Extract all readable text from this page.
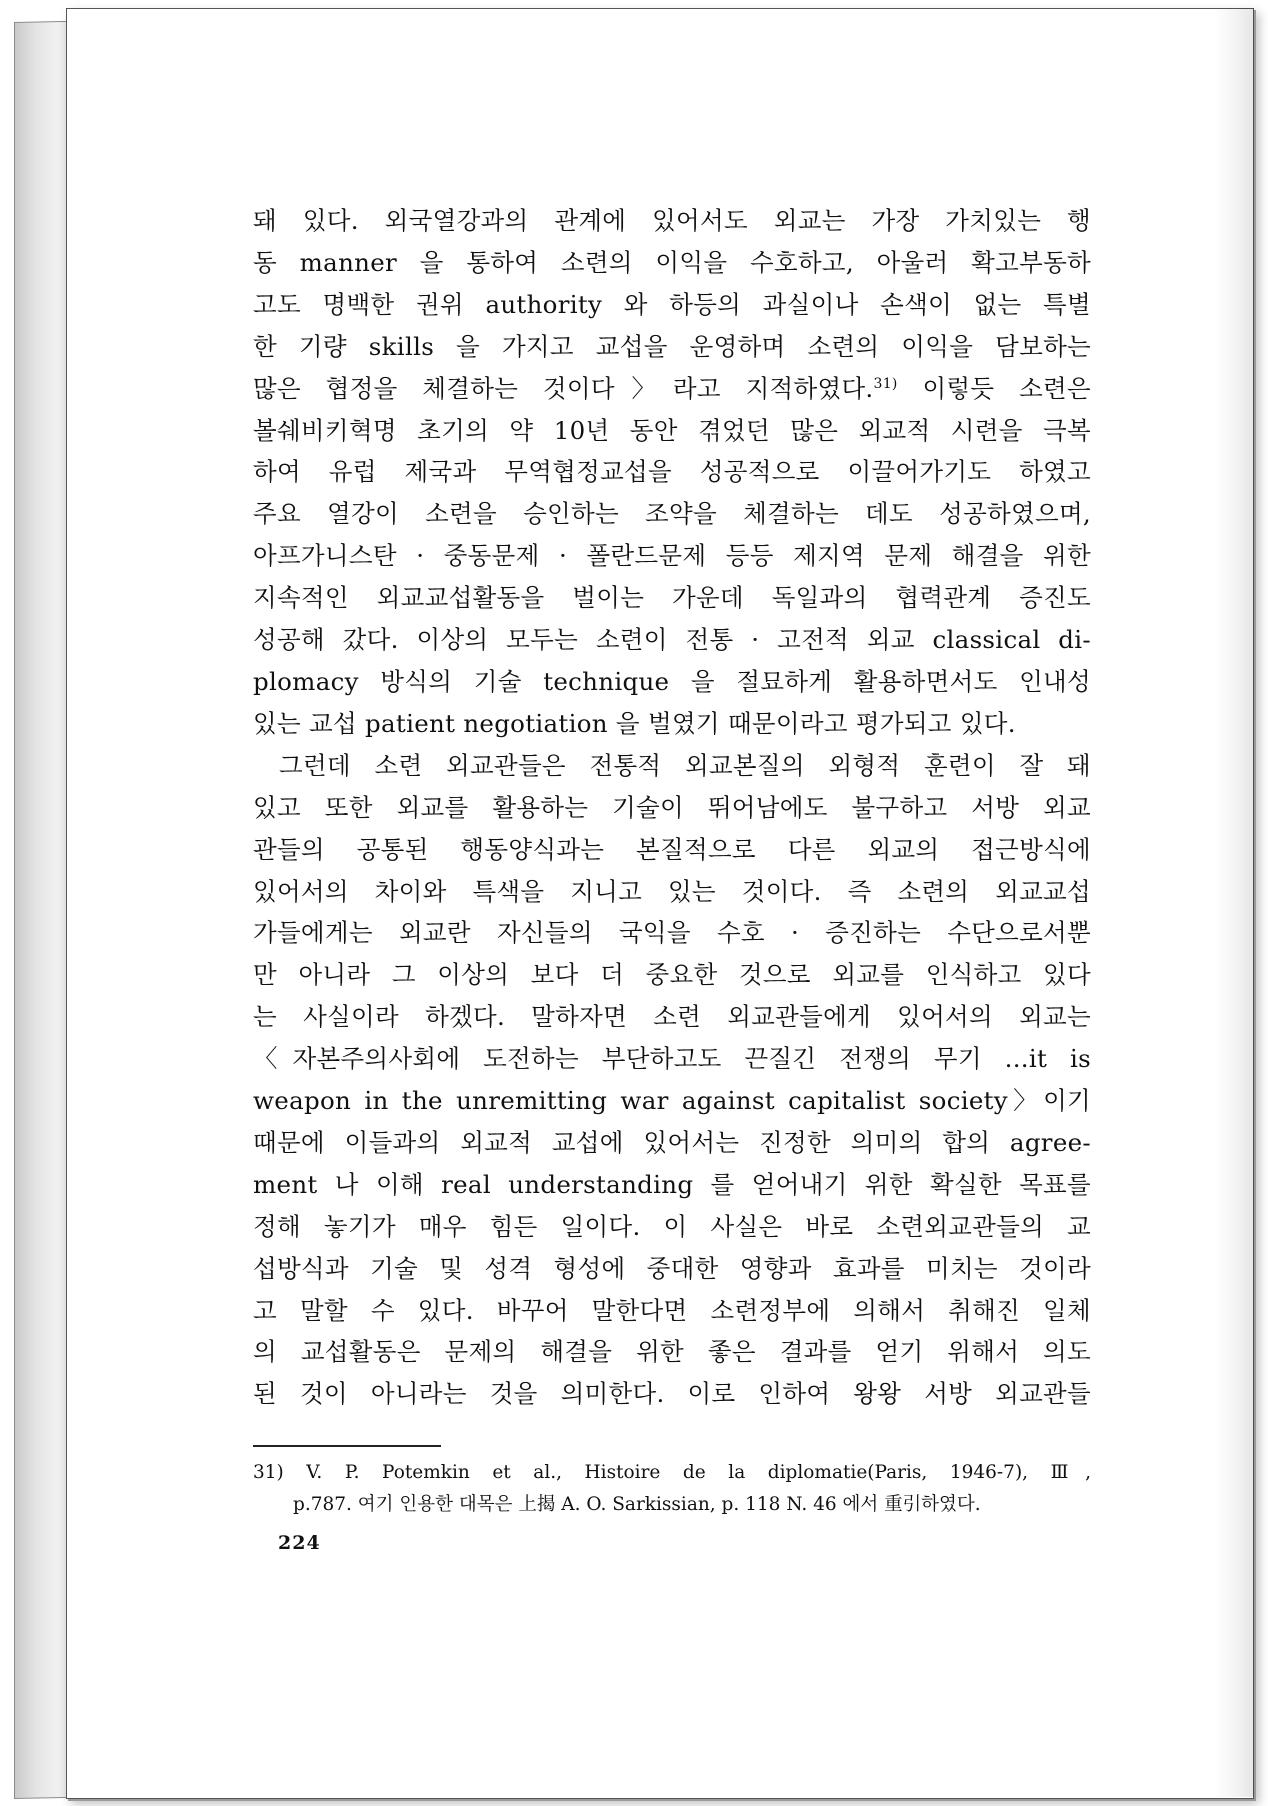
돼 있다. 외국열강과의 관계에 있어서도 외교는 가장 가치있는 행
동 manner 을 통하여 소련의 이익을 수호하고, 아울러 확고부동하
고도 명백한 권위 authority 와 하등의 과실이나 손색이 없는 특별
한 기량 skills 을 가지고 교섭을 운영하며 소련의 이익을 담보하는
많은 협정을 체결하는 것이다〉라고 지적하였다.$^{31)}$ 이렇듯 소련은
볼쉐비키혁명 초기의 약 10년 동안 겪었던 많은 외교적 시련을 극복
하여 유럽 제국과 무역협정교섭을 성공적으로 이끌어가기도 하였고
주요 열강이 소련을 승인하는 조약을 체결하는 데도 성공하였으며,
아프가니스탄 · 중동문제 · 폴란드문제 등등 제지역 문제 해결을 위한
지속적인 외교교섭활동을 벌이는 가운데 독일과의 협력관계 증진도
성공해 갔다. 이상의 모두는 소련이 전통 · 고전적 외교 classical di-
plomacy 방식의 기술 technique 을 절묘하게 활용하면서도 인내성
있는 교섭 patient negotiation 을 벌였기 때문이라고 평가되고 있다.
그런데 소련 외교관들은 전통적 외교본질의 외형적 훈련이 잘 돼
있고 또한 외교를 활용하는 기술이 뛰어남에도 불구하고 서방 외교
관들의 공통된 행동양식과는 본질적으로 다른 외교의 접근방식에
있어서의 차이와 특색을 지니고 있는 것이다. 즉 소련의 외교교섭
가들에게는 외교란 자신들의 국익을 수호 · 증진하는 수단으로서뿐
만 아니라 그 이상의 보다 더 중요한 것으로 외교를 인식하고 있다
는 사실이라 하겠다. 말하자면 소련 외교관들에게 있어서의 외교는
〈자본주의사회에 도전하는 부단하고도 끈질긴 전쟁의 무기 ...it is
weapon in the unremitting war against capitalist society〉이기
때문에 이들과의 외교적 교섭에 있어서는 진정한 의미의 합의 agree-
ment 나 이해 real understanding 를 얻어내기 위한 확실한 목표를
정해 놓기가 매우 힘든 일이다. 이 사실은 바로 소련외교관들의 교
섭방식과 기술 및 성격 형성에 중대한 영향과 효과를 미치는 것이라
고 말할 수 있다. 바꾸어 말한다면 소련정부에 의해서 취해진 일체
의 교섭활동은 문제의 해결을 위한 좋은 결과를 얻기 위해서 의도
된 것이 아니라는 것을 의미한다. 이로 인하여 왕왕 서방 외교관들
31) V. P. Potemkin et al., Histoire de la diplomatie(Paris, 1946-7), Ⅲ,
p.787. 여기 인용한 대목은 上揭 A. O. Sarkissian, p. 118 N. 46 에서 重引하였다.
224
